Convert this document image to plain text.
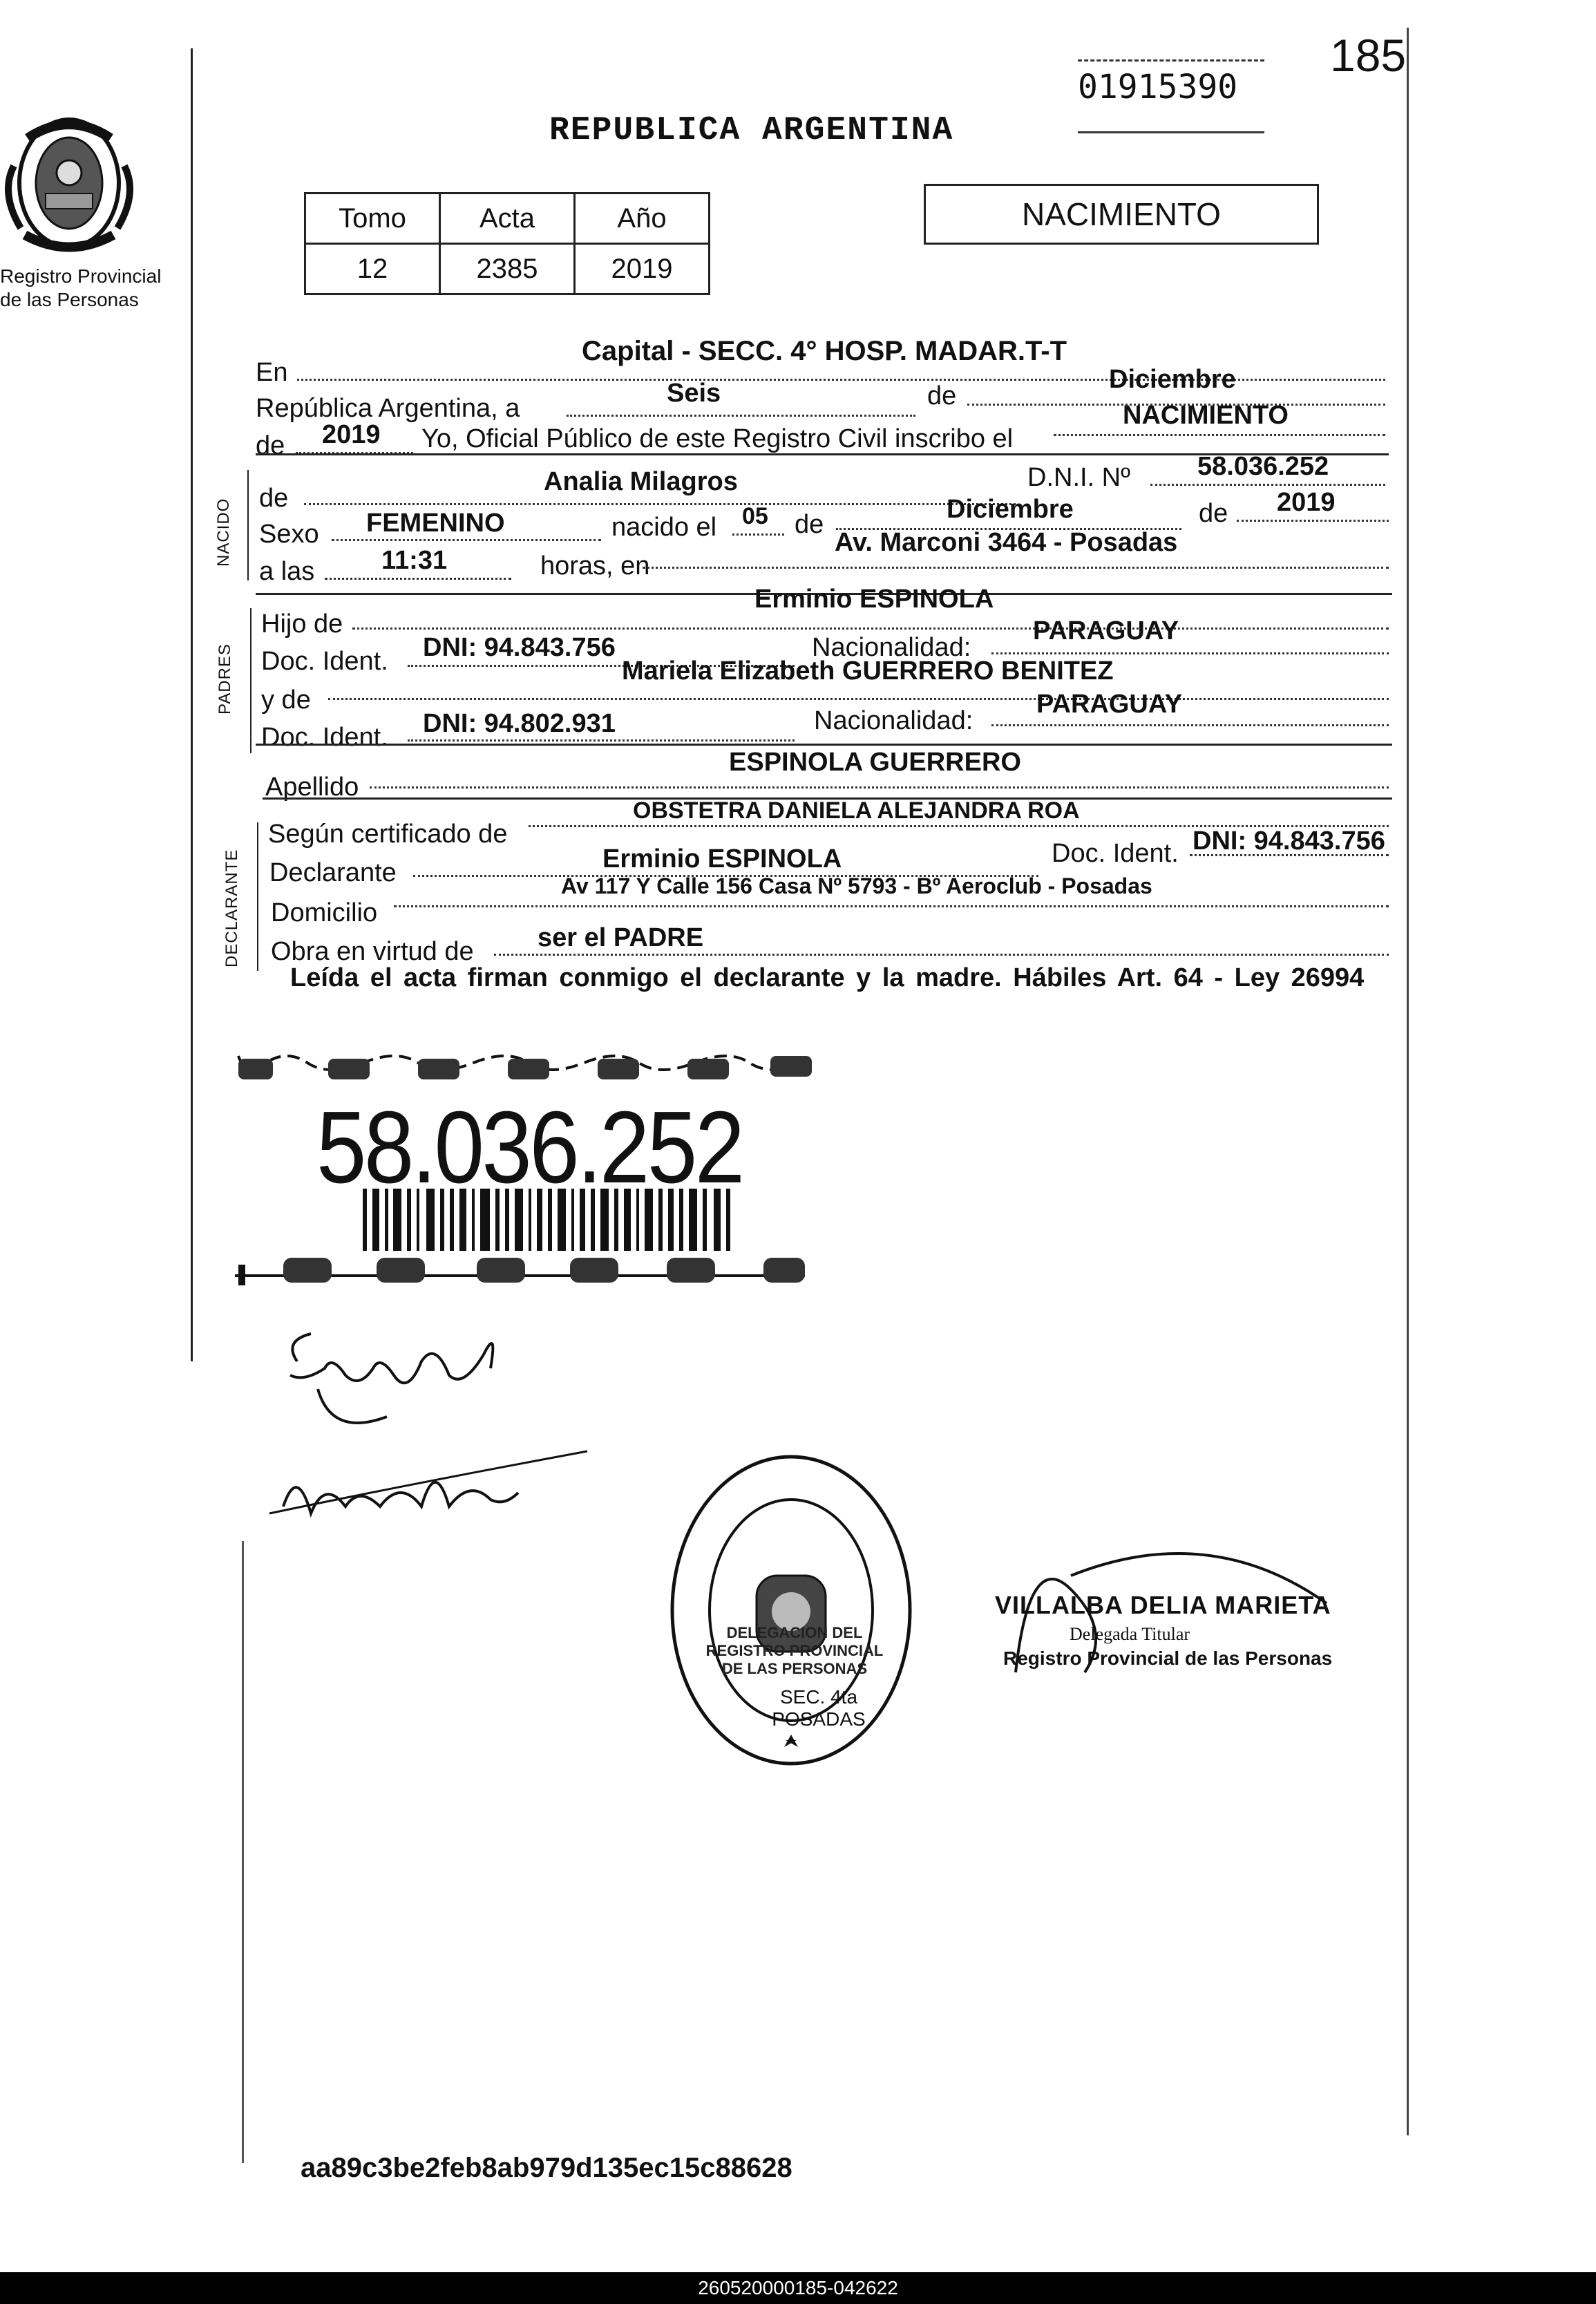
185
01915390
REPUBLICA ARGENTINA
Registro Provincial
de las Personas
Tomo	Acta	Año
12	2385	2019
NACIMIENTO
En
Capital - SECC. 4° HOSP. MADAR.T-T
República Argentina, a
Seis	de
Diciembre
de 2019 Yo, Oficial Público de este Registro Civil inscribo el
NACIMIENTO
NACIDO de
Analia Milagros	D.N.I. Nº	58.036.252
Sexo FEMENINO	nacido el 05 de
Diciembre	de 2019
a las	11:31	horas, en
Av. Marconi 3464 - Posadas
PADRES
Hijo de
Erminio ESPINOLA
Doc. Ident. DNI: 94.843.756	Nacionalidad:
PARAGUAY
y de
Mariela Elizabeth GUERRERO BENITEZ
Doc. Ident. DNI: 94.802.931	Nacionalidad:
PARAGUAY
Apellido
ESPINOLA GUERRERO
DECLARANTE
Según certificado de
OBSTETRA DANIELA ALEJANDRA ROA
Declarante	Erminio ESPINOLA	Doc. Ident. DNI: 94.843.756
Domicilio
Av 117 Y Calle 156 Casa Nº 5793 - Bº Aeroclub - Posadas
Obra en virtud de ser el PADRE
Leída el acta firman conmigo el declarante y la madre. Hábiles Art. 64 - Ley 26994
58.036.252
DELEGACION DEL REGISTRO PROVINCIAL DE LAS PERSONAS
SEC. 4ta POSADAS
VILLALBA DELIA MARIETA
Delegada Titular
Registro Provincial de las Personas
aa89c3be2feb8ab979d135ec15c88628
260520000185-042622
